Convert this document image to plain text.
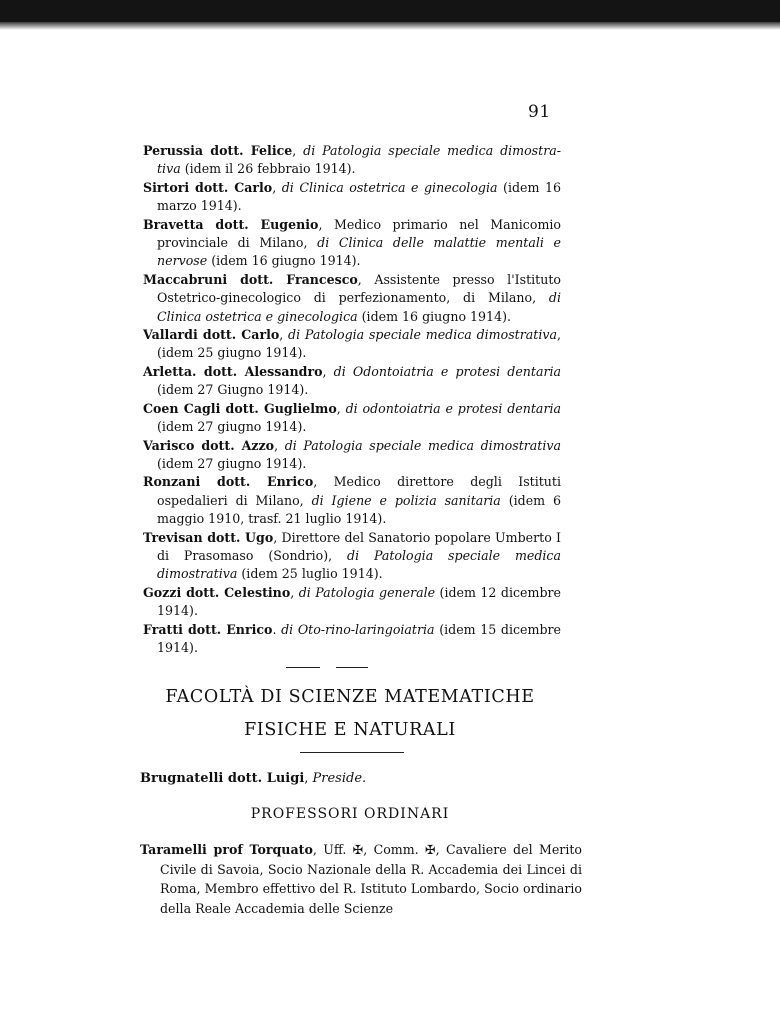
91

Perussia dott. Felice, di Patologia speciale medica dimostra-tiva (idem il 26 febbraio 1914).

Sirtori dott. Carlo, di Clinica ostetrica e ginecologia (idem 16 marzo 1914).

Bravetta dott. Eugenio, Medico primario nel Manicomio provinciale di Milano, di Clinica delle malattie mentali e nervose (idem 16 giugno 1914).

Maccabruni dott. Francesco, Assistente presso l'Istituto Ostetrico-ginecologico di perfezionamento, di Milano, di Clinica ostetrica e ginecologica (idem 16 giugno 1914).

Vallardi dott. Carlo, di Patologia speciale medica dimostrativa, (idem 25 giugno 1914).

Arletta. dott. Alessandro, di Odontoiatria e protesi dentaria (idem 27 Giugno 1914).

Coen Cagli dott. Guglielmo, di odontoiatria e protesi dentaria (idem 27 giugno 1914).

Varisco dott. Azzo, di Patologia speciale medica dimostrativa (idem 27 giugno 1914).

Ronzani dott. Enrico, Medico direttore degli Istituti ospedalieri di Milano, di Igiene e polizia sanitaria (idem 6 maggio 1910, trasf. 21 luglio 1914).

Trevisan dott. Ugo, Direttore del Sanatorio popolare Umberto I di Prasomaso (Sondrio), di Patologia speciale medica dimostrativa (idem 25 luglio 1914).

Gozzi dott. Celestino, di Patologia generale (idem 12 dicembre 1914).

Fratti dott. Enrico. di Oto-rino-laringoiatria (idem 15 dicembre 1914).

FACOLTÀ DI SCIENZE MATEMATICHE
FISICHE E NATURALI

Brugnatelli dott. Luigi, Preside.

PROFESSORI ORDINARI

Taramelli prof Torquato, Uff. ✠, Comm. ✠, Cavaliere del Merito Civile di Savoia, Socio Nazionale della R. Accademia dei Lincei di Roma, Membro effettivo del R. Istituto Lombardo, Socio ordinario della Reale Accademia delle Scienze
